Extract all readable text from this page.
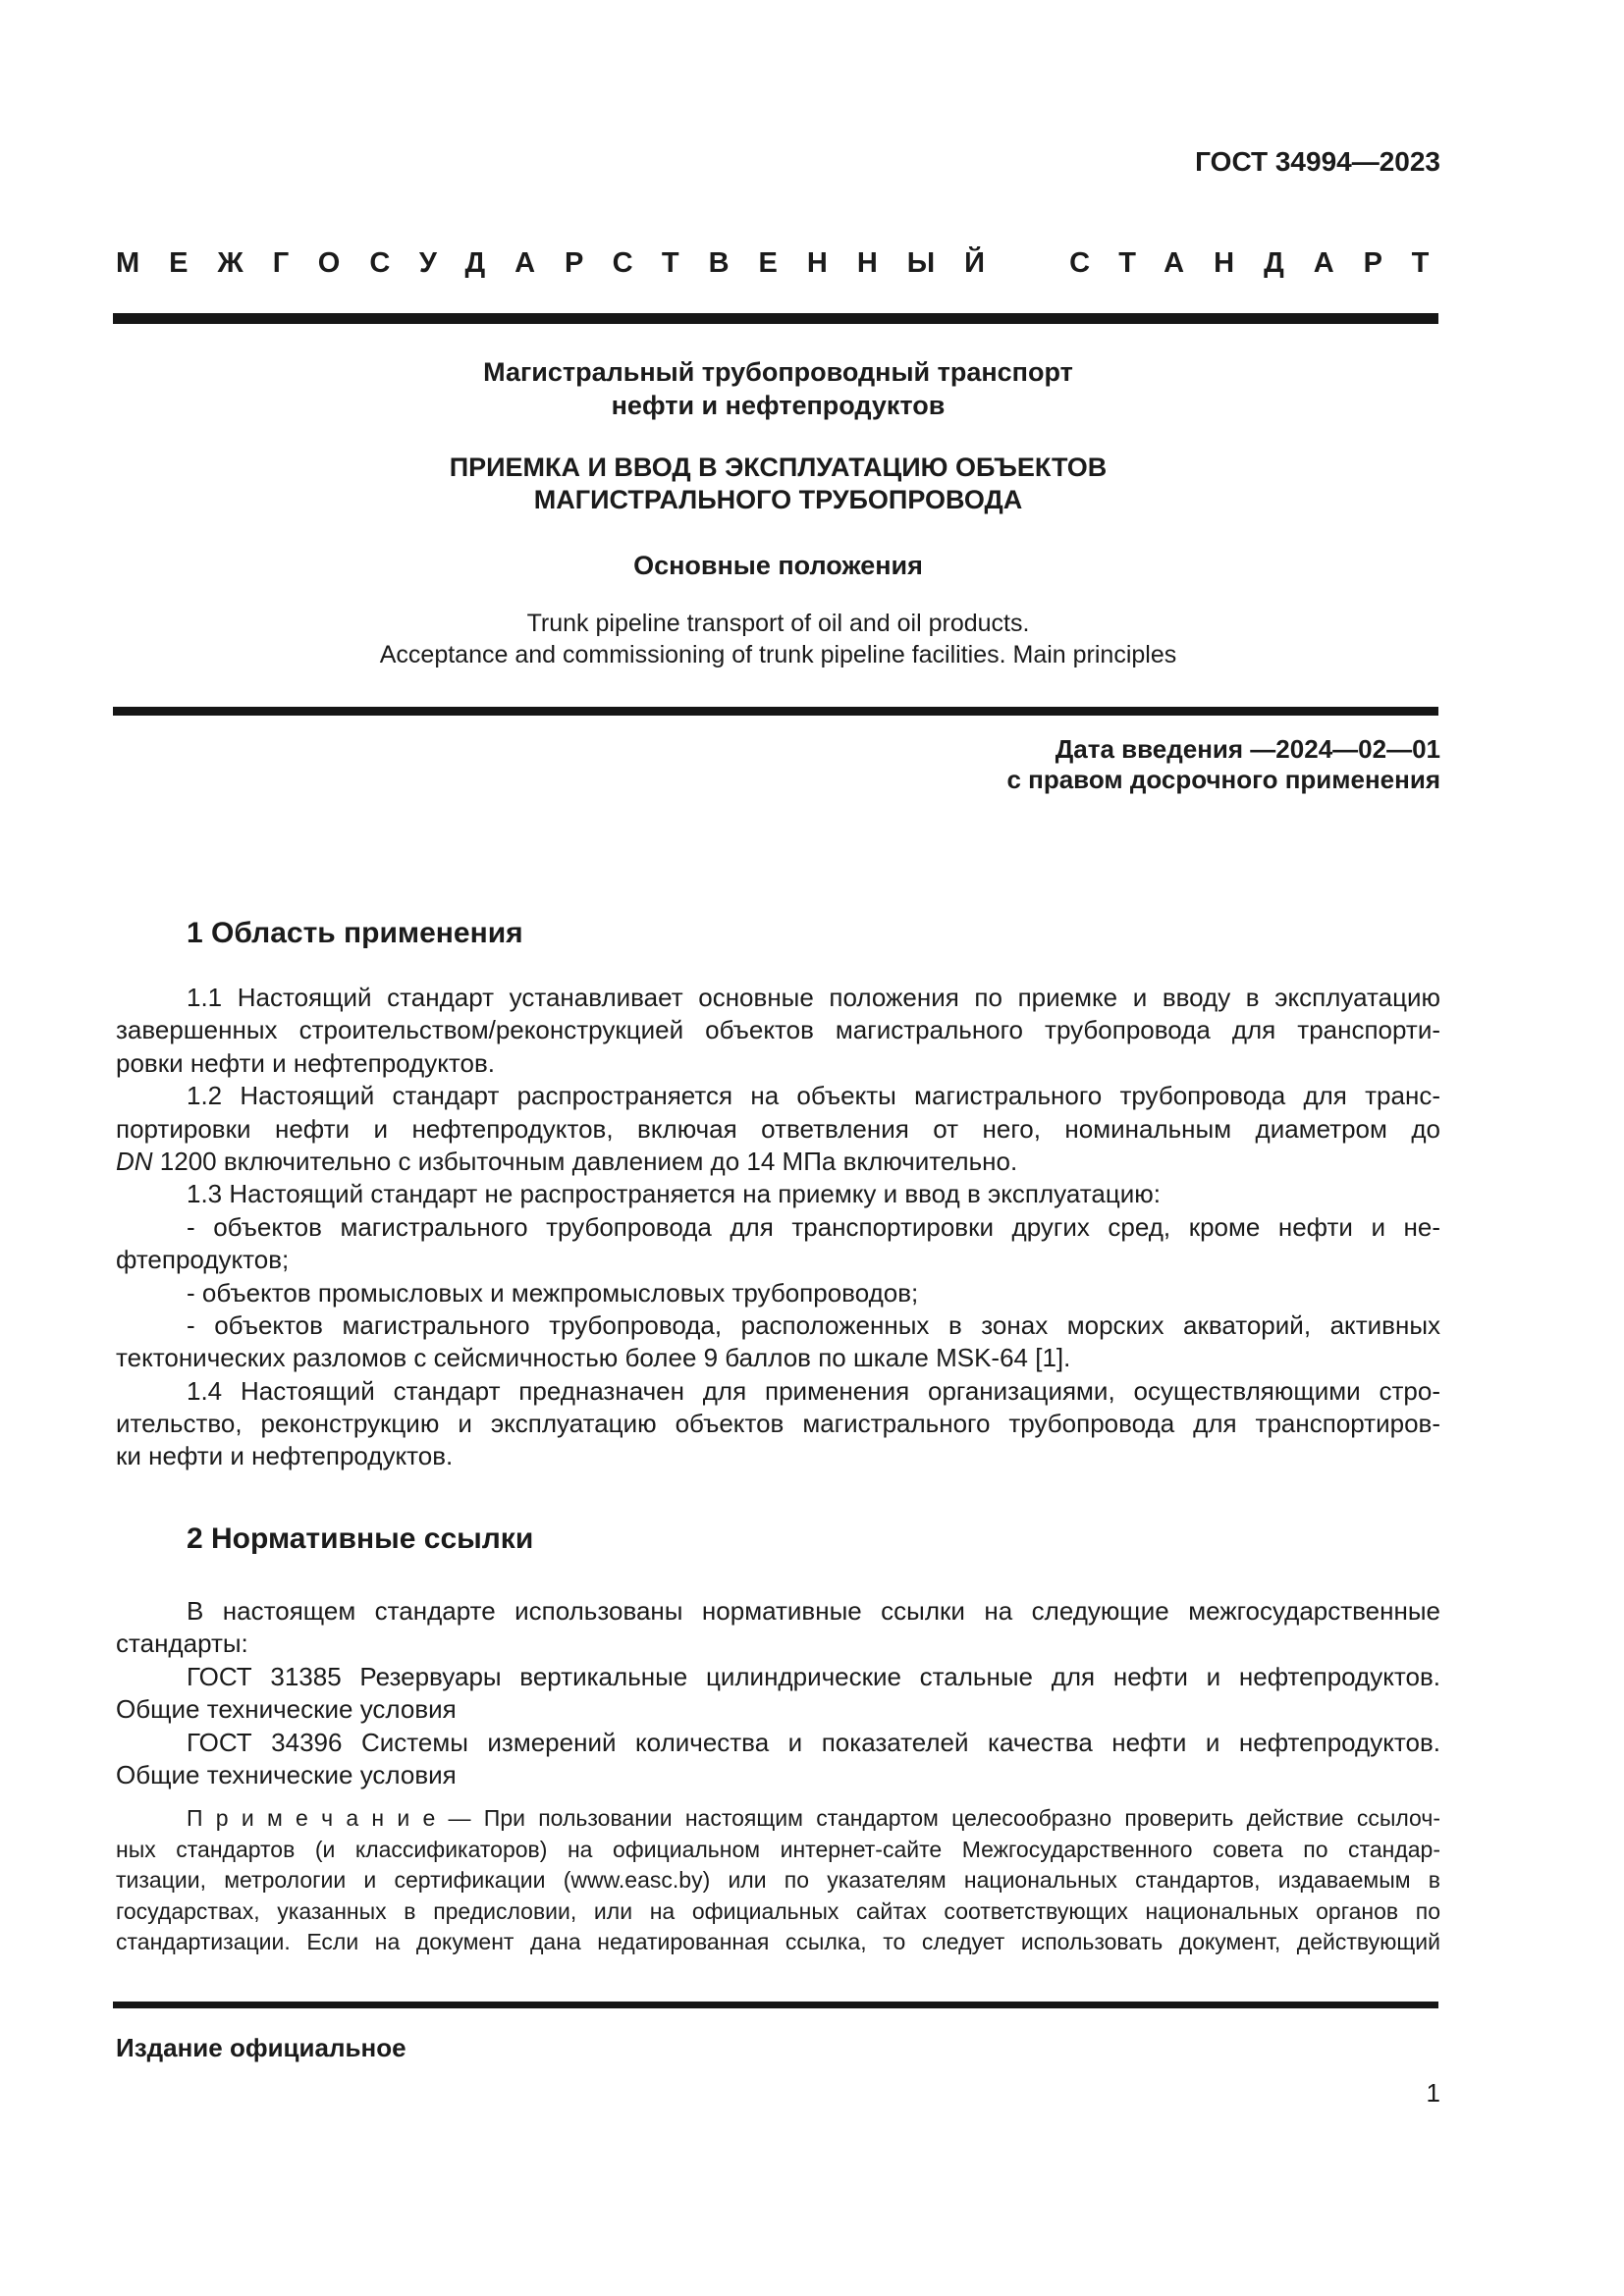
ГОСТ 34994—2023
МЕЖГОСУДАРСТВЕННЫЙ СТАНДАРТ
Магистральный трубопроводный транспорт
нефти и нефтепродуктов
ПРИЕМКА И ВВОД В ЭКСПЛУАТАЦИЮ ОБЪЕКТОВ
МАГИСТРАЛЬНОГО ТРУБОПРОВОДА
Основные положения
Trunk pipeline transport of oil and oil products.
Acceptance and commissioning of trunk pipeline facilities. Main principles
Дата введения —2024—02—01
с правом досрочного применения
1 Область применения
1.1 Настоящий стандарт устанавливает основные положения по приемке и вводу в эксплуатацию
завершенных строительством/реконструкцией объектов магистрального трубопровода для транспорти-
ровки нефти и нефтепродуктов.
1.2 Настоящий стандарт распространяется на объекты магистрального трубопровода для транс-
портировки нефти и нефтепродуктов, включая ответвления от него, номинальным диаметром до
DN 1200 включительно с избыточным давлением до 14 МПа включительно.
1.3 Настоящий стандарт не распространяется на приемку и ввод в эксплуатацию:
- объектов магистрального трубопровода для транспортировки других сред, кроме нефти и не-
фтепродуктов;
- объектов промысловых и межпромысловых трубопроводов;
- объектов магистрального трубопровода, расположенных в зонах морских акваторий, активных
тектонических разломов с сейсмичностью более 9 баллов по шкале MSK-64 [1].
1.4 Настоящий стандарт предназначен для применения организациями, осуществляющими стро-
ительство, реконструкцию и эксплуатацию объектов магистрального трубопровода для транспортиров-
ки нефти и нефтепродуктов.
2 Нормативные ссылки
В настоящем стандарте использованы нормативные ссылки на следующие межгосударственные
стандарты:
ГОСТ 31385 Резервуары вертикальные цилиндрические стальные для нефти и нефтепродуктов.
Общие технические условия
ГОСТ 34396 Системы измерений количества и показателей качества нефти и нефтепродуктов.
Общие технические условия
П р и м е ч а н и е — При пользовании настоящим стандартом целесообразно проверить действие ссылоч-
ных стандартов (и классификаторов) на официальном интернет-сайте Межгосударственного совета по стандар-
тизации, метрологии и сертификации (www.easc.by) или по указателям национальных стандартов, издаваемым в
государствах, указанных в предисловии, или на официальных сайтах соответствующих национальных органов по
стандартизации. Если на документ дана недатированная ссылка, то следует использовать документ, действующий
Издание официальное
1
